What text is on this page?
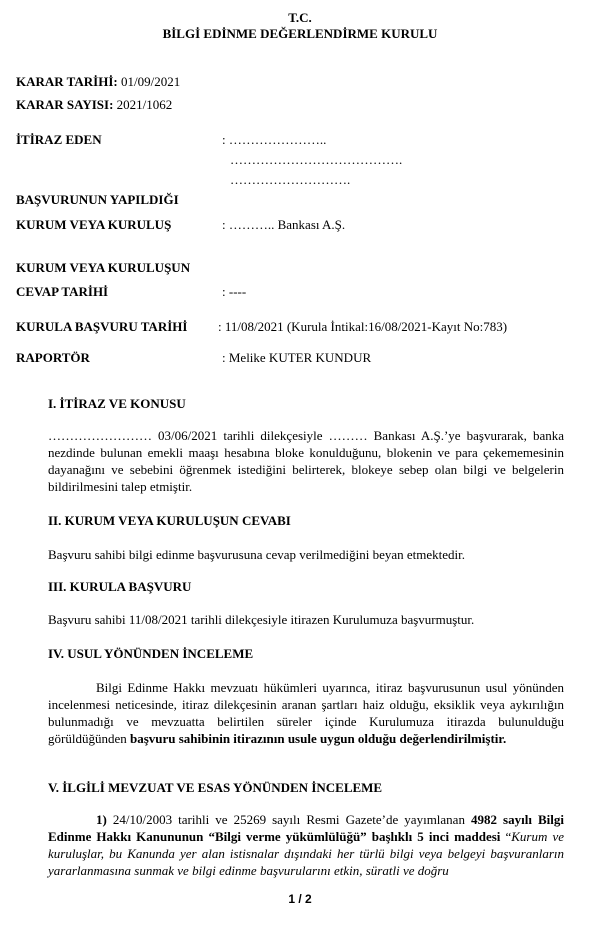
T.C.
BİLGİ EDİNME DEĞERLENDİRME KURULU
KARAR TARİHİ: 01/09/2021
KARAR SAYISI: 2021/1062
İTİRAZ EDEN	: …………………..
………………………………….
……………………….
BAŞVURUNUN YAPILDIĞI
KURUM VEYA KURULUŞ	: ……….. Bankası A.Ş.
KURUM VEYA KURULUŞUN
CEVAP TARİHİ	: ----
KURULA BAŞVURU TARİHİ : 11/08/2021 (Kurula İntikal:16/08/2021-Kayıt No:783)
RAPORTÖR	: Melike KUTER KUNDUR
I. İTİRAZ VE KONUSU

…………………… 03/06/2021 tarihli dilekçesiyle ……… Bankası A.Ş.’ye başvurarak, banka nezdinde bulunan emekli maaşı hesabına bloke konulduğunu, blokenin ve para çekememesinin dayanağını ve sebebini öğrenmek istediğini belirterek, blokeye sebep olan bilgi ve belgelerin bildirilmesini talep etmiştir.

II. KURUM VEYA KURULUŞUN CEVABI
Başvuru sahibi bilgi edinme başvurusuna cevap verilmediğini beyan etmektedir.
III. KURULA BAŞVURU
Başvuru sahibi 11/08/2021 tarihli dilekçesiyle itirazen Kurulumuza başvurmuştur.
IV. USUL YÖNÜNDEN İNCELEME

Bilgi Edinme Hakkı mevzuatı hükümleri uyarınca, itiraz başvurusunun usul yönünden incelenmesi neticesinde, itiraz dilekçesinin aranan şartları haiz olduğu, eksiklik veya aykırılığın bulunmadığı ve mevzuatta belirtilen süreler içinde Kurulumuza itirazda bulunulduğu görüldüğünden başvuru sahibinin itirazının usule uygun olduğu değerlendirilmiştir.

V. İLGİLİ MEVZUAT VE ESAS YÖNÜNDEN İNCELEME

1) 24/10/2003 tarihli ve 25269 sayılı Resmi Gazete’de yayımlanan 4982 sayılı Bilgi Edinme Hakkı Kanununun “Bilgi verme yükümlülüğü” başlıklı 5 inci maddesi “Kurum ve kuruluşlar, bu Kanunda yer alan istisnalar dışındaki her türlü bilgi veya belgeyi başvuranların yararlanmasına sunmak ve bilgi edinme başvurularını etkin, süratli ve doğru

1 / 2
